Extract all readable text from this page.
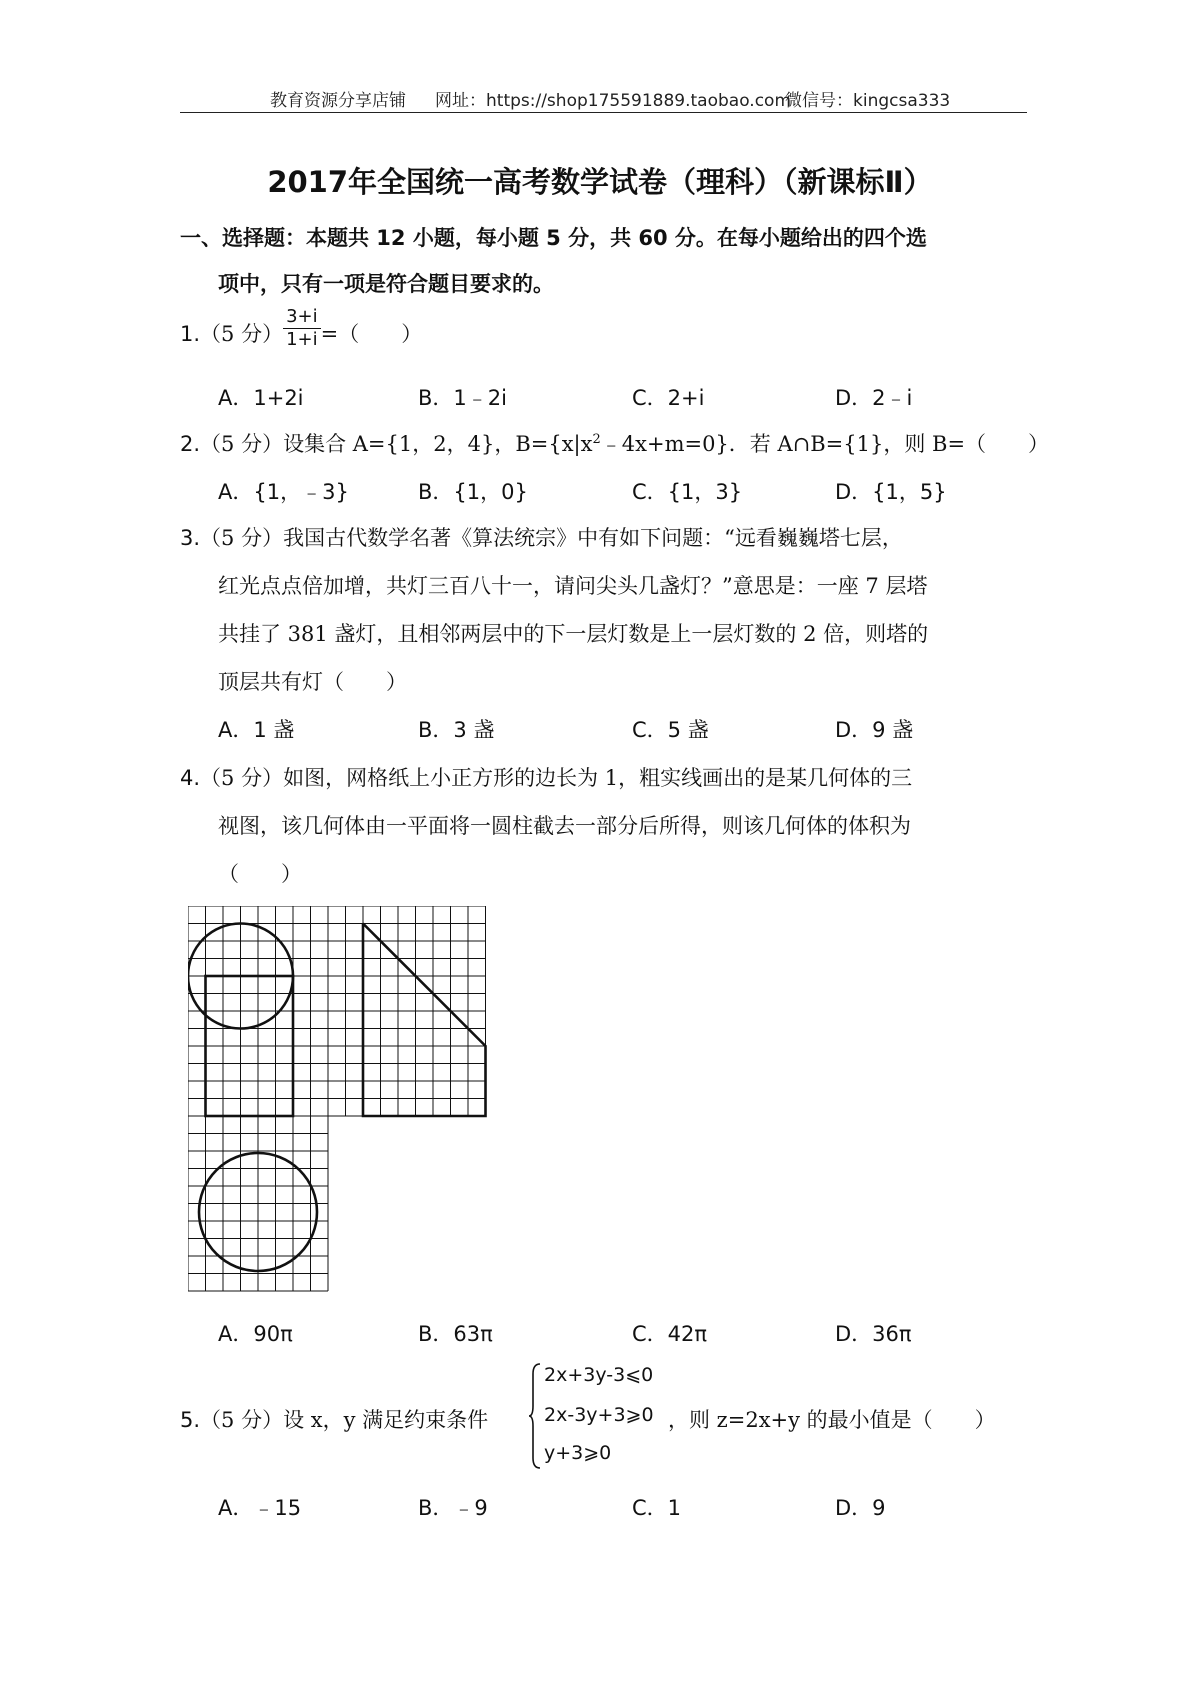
教育资源分享店铺 网址：https://shop175591889.taobao.com
微信号：kingcsa333
2017年全国统一高考数学试卷（理科）（新课标Ⅱ）
一、选择题：本题共 12 小题，每小题 5 分，共 60 分。在每小题给出的四个选
项中，只有一项是符合题目要求的。
1.（5 分） $\frac{3+i}{1+i}$ =（　　）
A．1+2i	B．1﹣2i	C．2+i	D．2﹣i
2.（5 分）设集合 A={1，2，4}，$B=\{x|x^2﹣4x+m=0\}$．若 A∩B={1}，则 B=（　　）
A．{1，﹣3}	B．{1，0}	C．{1，3}	D．{1，5}
3.（5 分）我国古代数学名著《算法统宗》中有如下问题：“远看巍巍塔七层，
红光点点倍加增，共灯三百八十一，请问尖头几盏灯？”意思是：一座 7 层塔
共挂了 381 盏灯，且相邻两层中的下一层灯数是上一层灯数的 2 倍，则塔的
顶层共有灯（　　）
A．1 盏	B．3 盏	C．5 盏	D．9 盏
4.（5 分）如图，网格纸上小正方形的边长为 1，粗实线画出的是某几何体的三
视图，该几何体由一平面将一圆柱截去一部分后所得，则该几何体的体积为
（　　）
A．90π	B．63π	C．42π	D．36π
5.（5 分）设 x，y 满足约束条件
2x+3y-3⩽0
2x-3y+3⩾0
y+3⩾0
，则 z=2x+y 的最小值是（　　）
A．﹣15	B．﹣9	C．1	D．9
